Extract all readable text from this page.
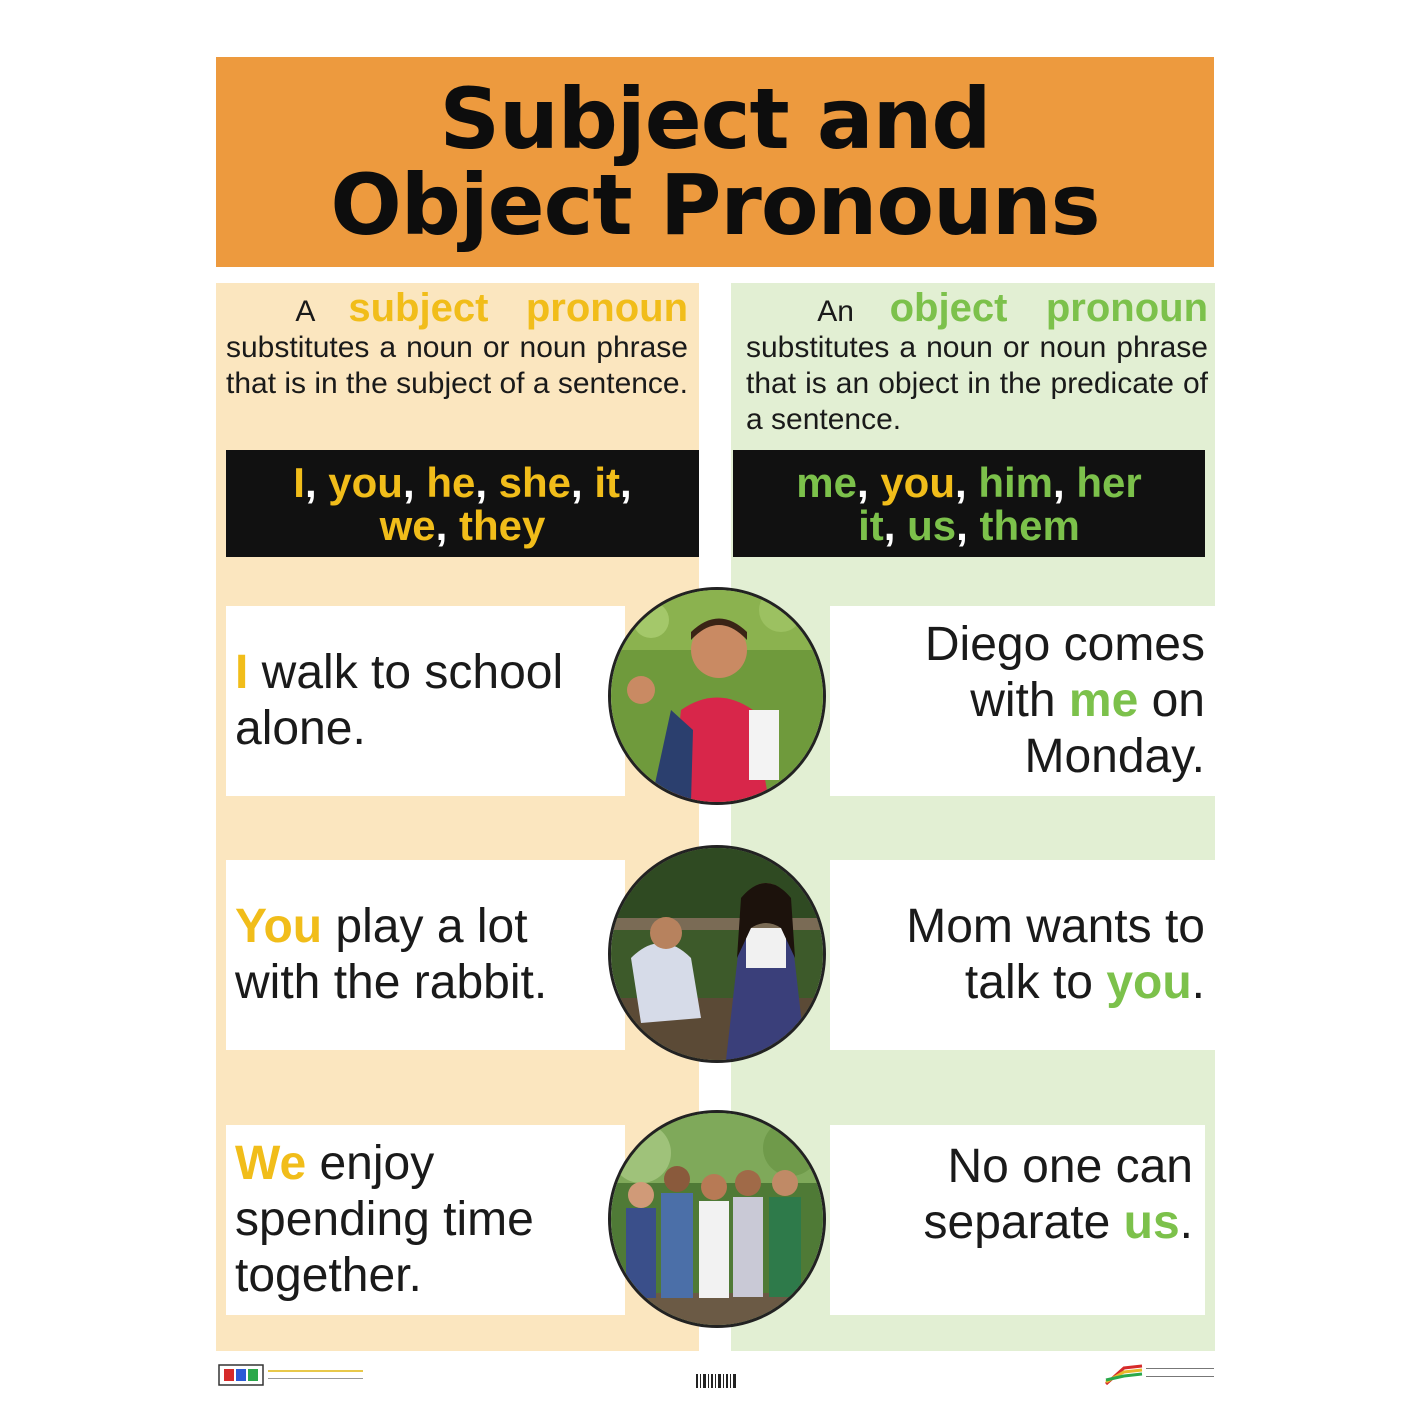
Subject and
Object Pronouns
A subject pronoun substitutes a noun or noun phrase that is in the subject of a sentence.
An object pronoun substitutes a noun or noun phrase that is an object in the predicate of a sentence.
I, you, he, she, it,
we, they
me, you, him, her
it, us, them
I walk to school alone.
Diego comes with me on Monday.
You play a lot with the rabbit.
Mom wants to talk to you.
We enjoy spending time together.
No one can separate us.
